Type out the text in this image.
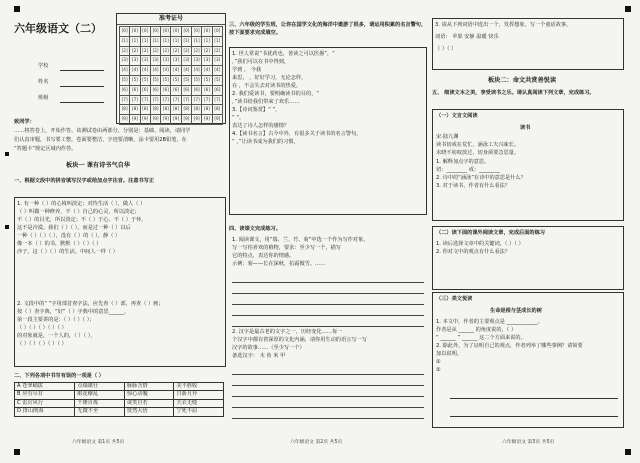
六年级语文（二）
学校
姓名
班级
准考证号
[0]	[0]	[0]	[0]	[0]	[0]	[0]	[0]	[0]	[0]
[1]	[1]	[1]	[1]	[1]	[1]	[1]	[1]	[1]	[1]
[2]	[2]	[2]	[2]	[2]	[2]	[2]	[2]	[2]	[2]
[3]	[3]	[3]	[3]	[3]	[3]	[3]	[3]	[3]	[3]
[4]	[4]	[4]	[4]	[4]	[4]	[4]	[4]	[4]	[4]
[5]	[5]	[5]	[5]	[5]	[5]	[5]	[5]	[5]	[5]
[6]	[6]	[6]	[6]	[6]	[6]	[6]	[6]	[6]	[6]
[7]	[7]	[7]	[7]	[7]	[7]	[7]	[7]	[7]	[7]
[8]	[8]	[8]	[8]	[8]	[8]	[8]	[8]	[8]	[8]
[9]	[9]	[9]	[9]	[9]	[9]	[9]	[9]	[9]	[9]
致同学：
……将答卷上，开始作答。该测试卷由两部分，分别是：基础、阅读，请同学
们认真审题，书写要工整，卷面要整洁，字迹要清晰，涂卡要用2B铅笔，在
“答题卡”规定区域内作答。
板块一 课有诗书气自华
一、根据文段中的拼音填写汉字或给加点字注音。注意书写正
1. 有一种（ ）的心境叫淡定；对待生活（ ），做人（ ）
（ ）叫做一种修养，不（ ）自己的心灵，所以淡定；
不（ ）的目光，所以淡定；不（ ）于心、不（ ）于怀，
这不是冷漠。我们（ ）（ ），而是过一种（ ）以后
一种（ ）（ ）（ ），没有（ ）的（ ），静（ ）
像一本（ ）的书，默默（ ）（ ）（ ）
沙子。这（ ）（ ）的生活。中间人一样（ ）
2. 文段中的“ ”字用部首查字法，应先查（ ）部，再查（ ）画；
按（ ）查字典，“好”（ ）字典中的意思______，
第一段主要讲的是：（ ）（ ）（ ）；
（ ）（ ）（ ）（ ）（ ）
的对象就是，一个人的，（ ）（ ），
（ ）（ ）（ ）（ ）（ ）
二、下列各项中书写有误的一项是（ ）
A 苍翠峭拔	点缀雄壮	脉脉含情	美不胜收
B 应有尽有	眼花缭乱	惊心动魄	日新月异
C 雷厉风行	千锤百炼	谈笑自若	天衣无缝
D 排山倒海	无微不至	恍然大悟	宁死不屈
六年级语文 第1页 共5页
三、六年级的学生班，让你在国学文化的海洋中遨游了很多，请运用积累的名言警句，按下面要求完成填空。
1. 世人常说“书犹药也，善读之可以医愚”，“
，”我们可以在书中得到，
学到 ， 今我
来思， ，好好学习，无论怎样，
在 ，不会失去对读书的热爱。
2. 我们爱读书，要明确读书的目的，“
，”读书给我们带来了欢乐……
3.【诗词鉴赏】“ ”，
“ ”。
表达了诗人怎样的感情？
4.【读书名言】古今中外，有很多关于读书的名言警句，
“ ，”让读书成为我们的习惯。
四、读课文完成练习。
1. 阅读课文，用“瑞、兰、竹、菊”中选一个作为写作对象，
写一写你喜欢的植物，要求：至少写一个，描写
它的特点，表达你的情感。
示例：菊——长在深秋，抗霜傲雪。……
2. 汉字是最古老的文字之一，历经变化……每一
个汉字中都有着深厚的文化内涵，请你用生动的语言写一写
汉字的故事……（至少写一个）
备选汉字： 木 鱼 米 甲
六年级语文 第2页 共5页
3. 请从下列词语中选出一个，发挥想象，写一个童话故事。
词语： 苹果 安静 温暖 快乐
（ ）（ ）
板块二：命文共赏善悦读
五、 细读文本之美，享受读书之乐。请认真阅读下列文章，完成练习。
（一）文言文阅读
读书
宋·陆九渊
读书切戒在荒忙，涵泳工夫兴味长。
未晓不妨权放过，切身须要急思量。
1. 解释加点字的意思。
切：________ 戒：________
2. 诗中的“涵泳”在诗中的意思是什么？
3. 对于读书，作者有什么看法？
（二）读下面的课外阅读文章，完成后面的练习
1. 读后选择文章中的关键词，（ ）（ ）
2. 你对文中的观点有什么看法？
（三）美文悦读
生命是根与茎成长的树
1. 本文中，作者的主要观点是 ____________。
作者是从 ______ 的角度说的，（ ）
“ ______ ” ______ 这二个方面来说的。
2. 除此外，为了证明自己的观点，作者列举了哪些事例？请简要
加以说明。
①
②
六年级语文 第3页 共5页
